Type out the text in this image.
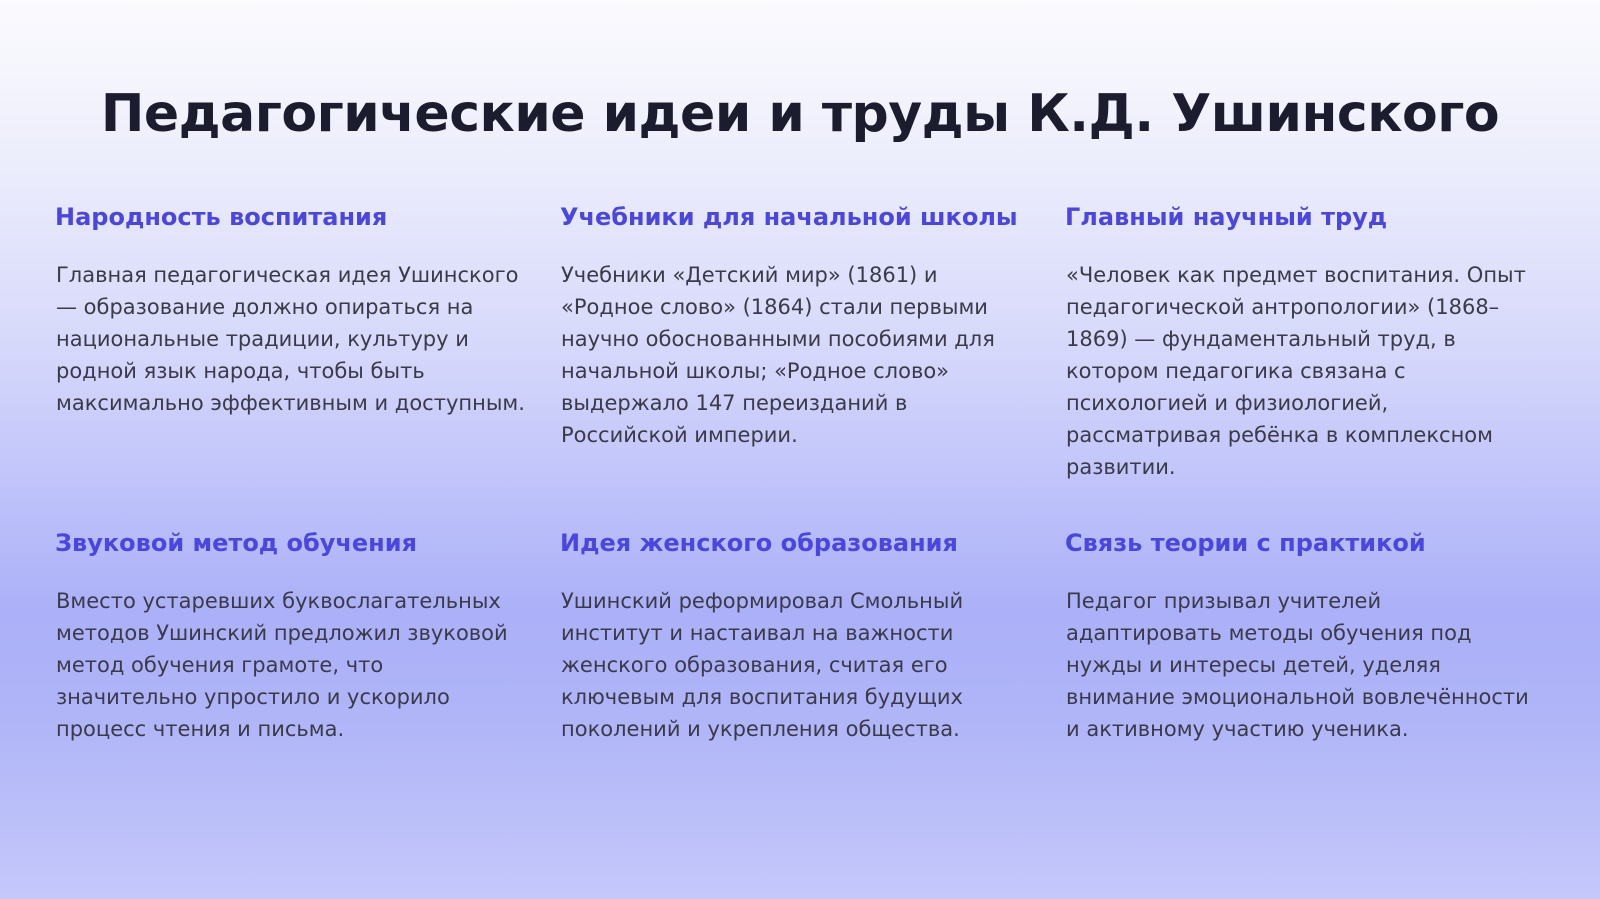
Педагогические идеи и труды К.Д. Ушинского
Народность воспитания

Главная педагогическая идея Ушинского — образование должно опираться на национальные традиции, культуру и родной язык народа, чтобы быть максимально эффективным и доступным.

Учебники для начальной школы

Учебники «Детский мир» (1861) и «Родное слово» (1864) стали первыми научно обоснованными пособиями для начальной школы; «Родное слово» выдержало 147 переизданий в Российской империи.

Главный научный труд

«Человек как предмет воспитания. Опыт педагогической антропологии» (1868–1869) — фундаментальный труд, в котором педагогика связана с психологией и физиологией, рассматривая ребёнка в комплексном развитии.

Звуковой метод обучения

Вместо устаревших буквослагательных методов Ушинский предложил звуковой метод обучения грамоте, что значительно упростило и ускорило процесс чтения и письма.

Идея женского образования

Ушинский реформировал Смольный институт и настаивал на важности женского образования, считая его ключевым для воспитания будущих поколений и укрепления общества.

Связь теории с практикой

Педагог призывал учителей адаптировать методы обучения под нужды и интересы детей, уделяя внимание эмоциональной вовлечённости и активному участию ученика.
